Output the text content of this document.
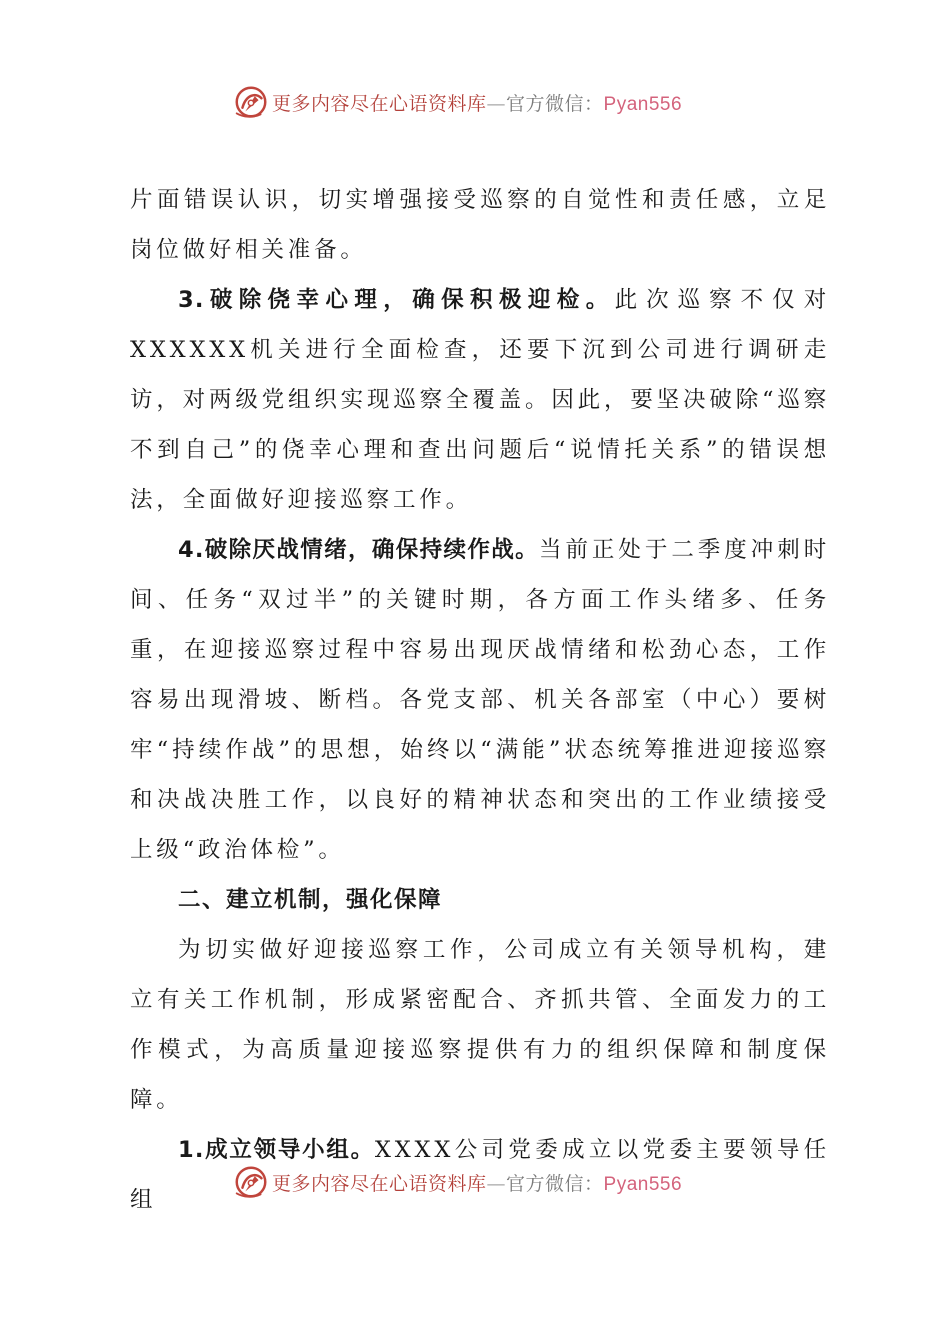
更多内容尽在心语资料库—官方微信：Pyan556

片面错误认识，切实增强接受巡察的自觉性和责任感，立足岗位做好相关准备。

3.破除侥幸心理，确保积极迎检。此次巡察不仅对XXXXXX机关进行全面检查，还要下沉到公司进行调研走访，对两级党组织实现巡察全覆盖。因此，要坚决破除“巡察不到自己”的侥幸心理和查出问题后“说情托关系”的错误想法，全面做好迎接巡察工作。

4.破除厌战情绪，确保持续作战。当前正处于二季度冲刺时间、任务“双过半”的关键时期，各方面工作头绪多、任务重，在迎接巡察过程中容易出现厌战情绪和松劲心态，工作容易出现滑坡、断档。各党支部、机关各部室（中心）要树牢“持续作战”的思想，始终以“满能”状态统筹推进迎接巡察和决战决胜工作，以良好的精神状态和突出的工作业绩接受上级“政治体检”。

二、建立机制，强化保障

为切实做好迎接巡察工作，公司成立有关领导机构，建立有关工作机制，形成紧密配合、齐抓共管、全面发力的工作模式，为高质量迎接巡察提供有力的组织保障和制度保障。

1.成立领导小组。XXXX公司党委成立以党委主要领导任组

更多内容尽在心语资料库—官方微信：Pyan556
